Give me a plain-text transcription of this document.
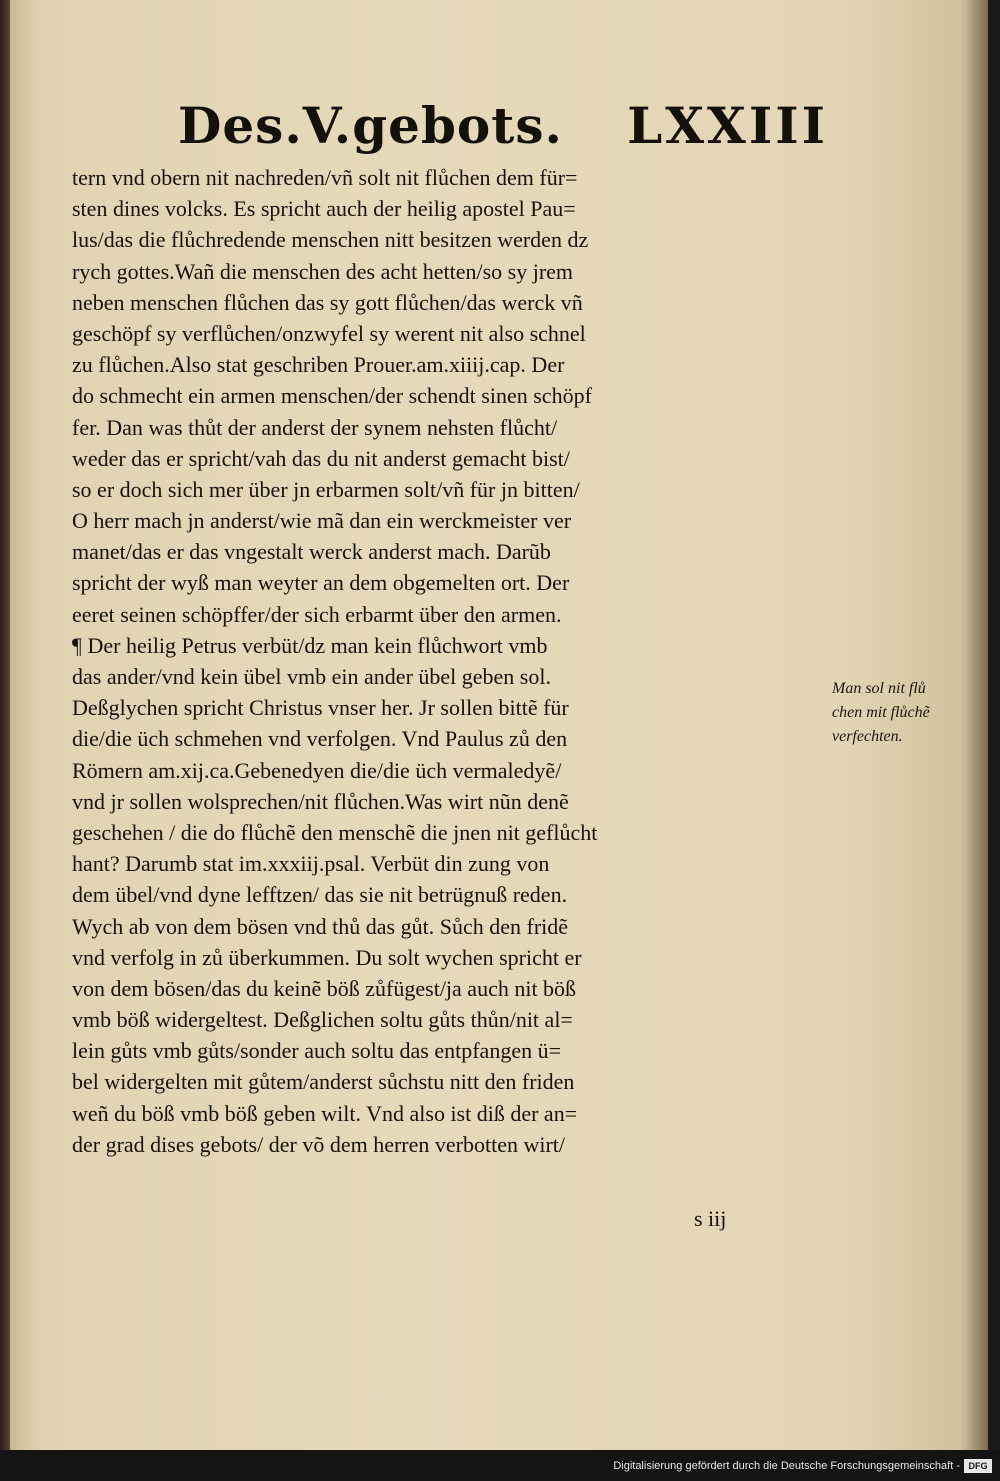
Des.V.gebots. LXXIII
tern vnd obern nit nachreden/vñ solt nit flůchen dem für=
sten dines volcks. Es spricht auch der heilig apostel Pau=
lus/das die flůchredende menschen nitt besitzen werden dz
rych gottes.Wañ die menschen des acht hetten/so sy jrem
neben menschen flůchen das sy gott flůchen/das werck vñ
geschöpf sy verflůchen/onzwyfel sy werent nit also schnel
zu flůchen.Also stat geschriben Prouer.am.xiiij.cap. Der
do schmecht ein armen menschen/der schendt sinen schöpf
fer. Dan was thůt der anderst der synem nehsten flůcht/
weder das er spricht/vah das du nit anderst gemacht bist/
so er doch sich mer über jn erbarmen solt/vñ für jn bitten/
O herr mach jn anderst/wie mã dan ein werckmeister ver
manet/das er das vngestalt werck anderst mach. Darũb
spricht der wyß man weyter an dem obgemelten ort. Der
eeret seinen schöpffer/der sich erbarmt über den armen.
¶ Der heilig Petrus verbüt/dz man kein flůchwort vmb
das ander/vnd kein übel vmb ein ander übel geben sol.
Deßglychen spricht Christus vnser her. Jr sollen bittẽ für
die/die üch schmehen vnd verfolgen. Vnd Paulus zů den
Römern am.xij.ca.Gebenedyen die/die üch vermaledyẽ/
vnd jr sollen wolsprechen/nit flůchen.Was wirt nũn denẽ
geschehen / die do flůchẽ den menschẽ die jnen nit geflůcht
hant? Darumb stat im.xxxiij.psal. Verbüt din zung von
dem übel/vnd dyne lefftzen/ das sie nit betrügnuß reden.
Wych ab von dem bösen vnd thů das gůt. Sůch den fridẽ
vnd verfolg in zů überkummen. Du solt wychen spricht er
von dem bösen/das du keinẽ böß zůfügest/ja auch nit böß
vmb böß widergeltest. Deßglichen soltu gůts thůn/nit al=
lein gůts vmb gůts/sonder auch soltu das entpfangen ü=
bel widergelten mit gůtem/anderst sůchstu nitt den friden
weñ du böß vmb böß geben wilt. Vnd also ist diß der an=
der grad dises gebots/ der võ dem herren verbotten wirt/
Man sol nit flů
chen mit flůchẽ
verfechten.
s iij
Digitalisierung gefördert durch die Deutsche Forschungsgemeinschaft - DFG
